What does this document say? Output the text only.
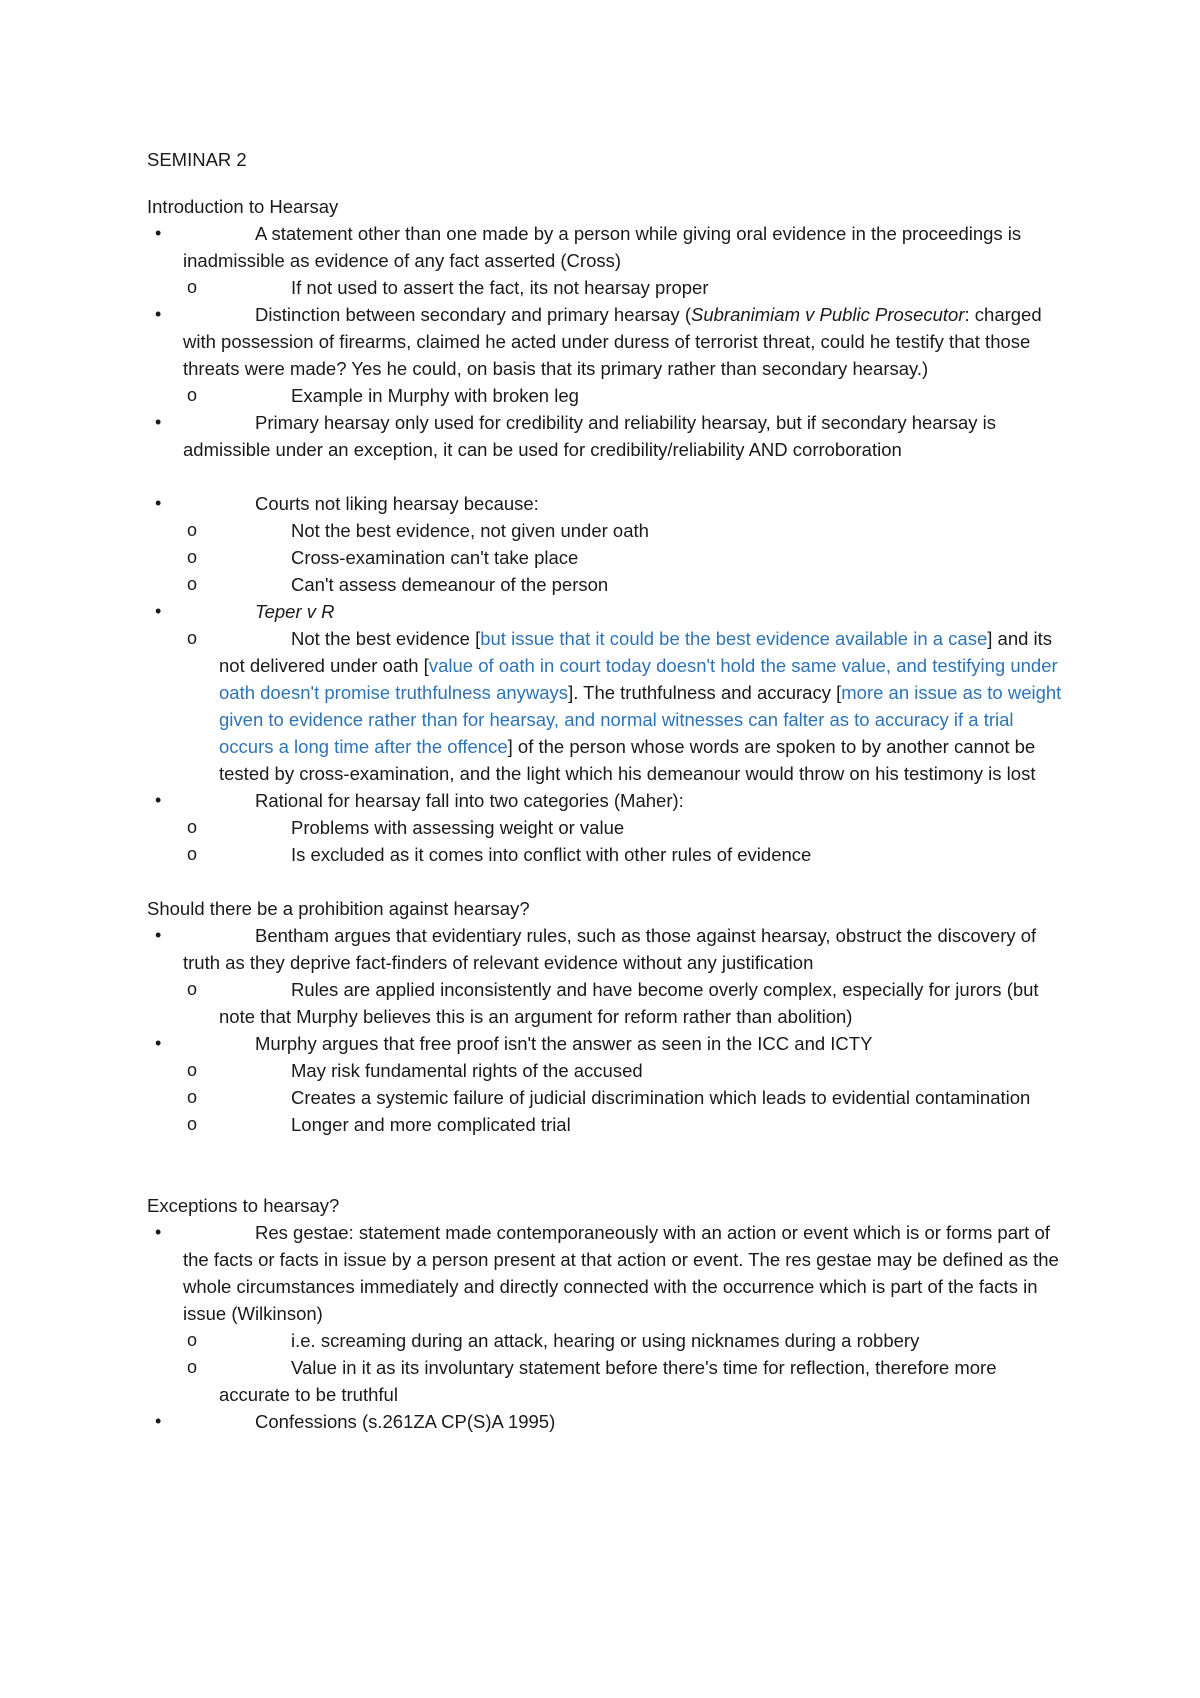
SEMINAR 2
Introduction to Hearsay
•	A statement other than one made by a person while giving oral evidence in the proceedings is inadmissible as evidence of any fact asserted (Cross)
o	If not used to assert the fact, its not hearsay proper
•	Distinction between secondary and primary hearsay (Subranimiam v Public Prosecutor: charged with possession of firearms, claimed he acted under duress of terrorist threat, could he testify that those threats were made? Yes he could, on basis that its primary rather than secondary hearsay.)
o	Example in Murphy with broken leg
•	Primary hearsay only used for credibility and reliability hearsay, but if secondary hearsay is admissible under an exception, it can be used for credibility/reliability AND corroboration
•	Courts not liking hearsay because:
o	Not the best evidence, not given under oath
o	Cross-examination can't take place
o	Can't assess demeanour of the person
•	Teper v R
o	Not the best evidence [but issue that it could be the best evidence available in a case] and its not delivered under oath [value of oath in court today doesn't hold the same value, and testifying under oath doesn't promise truthfulness anyways]. The truthfulness and accuracy [more an issue as to weight given to evidence rather than for hearsay, and normal witnesses can falter as to accuracy if a trial occurs a long time after the offence] of the person whose words are spoken to by another cannot be tested by cross-examination, and the light which his demeanour would throw on his testimony is lost
•	Rational for hearsay fall into two categories (Maher):
o	Problems with assessing weight or value
o	Is excluded as it comes into conflict with other rules of evidence
Should there be a prohibition against hearsay?
•	Bentham argues that evidentiary rules, such as those against hearsay, obstruct the discovery of truth as they deprive fact-finders of relevant evidence without any justification
o	Rules are applied inconsistently and have become overly complex, especially for jurors (but note that Murphy believes this is an argument for reform rather than abolition)
•	Murphy argues that free proof isn't the answer as seen in the ICC and ICTY
o	May risk fundamental rights of the accused
o	Creates a systemic failure of judicial discrimination which leads to evidential contamination
o	Longer and more complicated trial
Exceptions to hearsay?
•	Res gestae: statement made contemporaneously with an action or event which is or forms part of the facts or facts in issue by a person present at that action or event. The res gestae may be defined as the whole circumstances immediately and directly connected with the occurrence which is part of the facts in issue (Wilkinson)
o	i.e. screaming during an attack, hearing or using nicknames during a robbery
o	Value in it as its involuntary statement before there's time for reflection, therefore more accurate to be truthful
•	Confessions (s.261ZA CP(S)A 1995)
